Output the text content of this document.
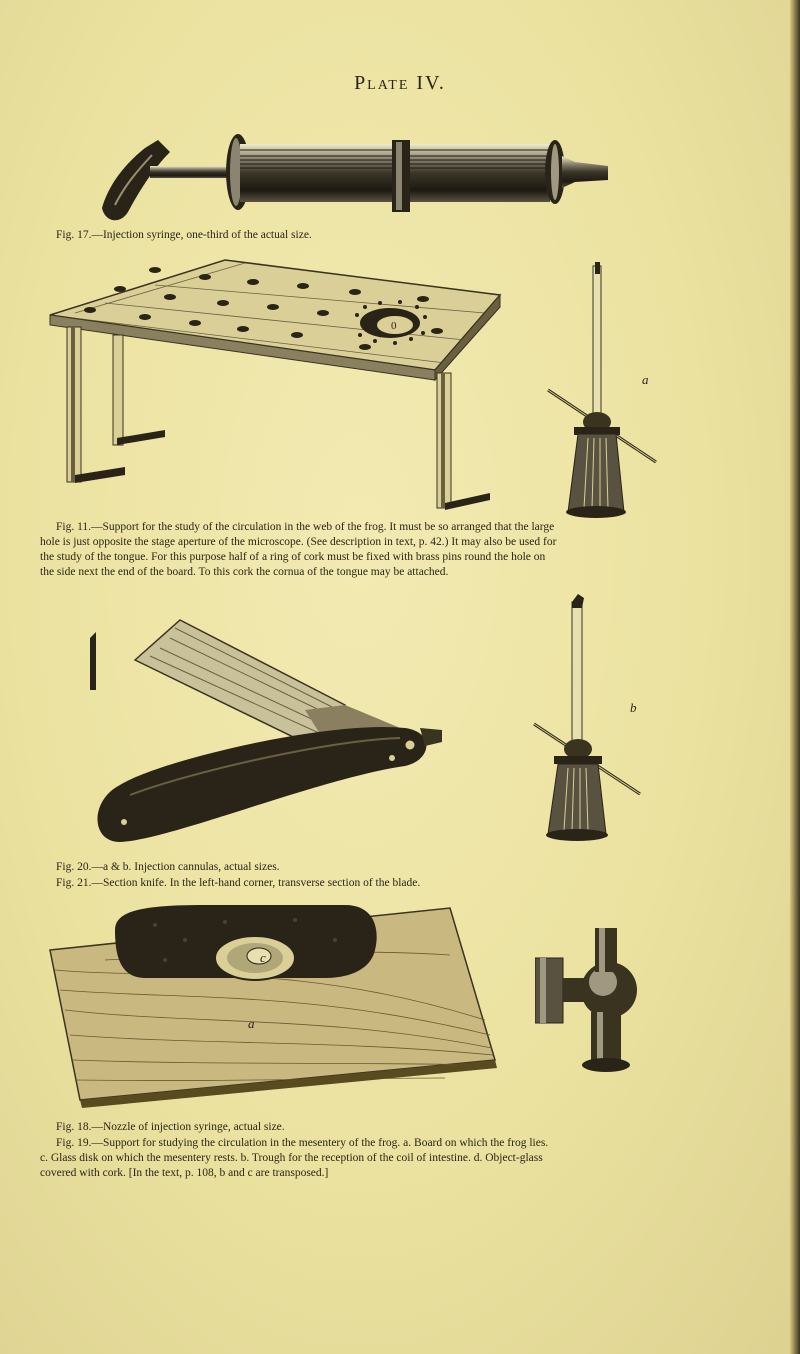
Plate IV.
Fig. 17.—Injection syringe, one-third of the actual size.
0
a
Fig. 11.—Support for the study of the circulation in the web of the frog. It must be so arranged that the large
hole is just opposite the stage aperture of the microscope. (See description in text, p. 42.) It may also be used for
the study of the tongue. For this purpose half of a ring of cork must be fixed with brass pins round the hole on
the side next the end of the board. To this cork the cornua of the tongue may be attached.
b
Fig. 20.—a & b. Injection cannulas, actual sizes.
Fig. 21.—Section knife. In the left-hand corner, transverse section of the blade.
d
c b
a
Fig. 18.—Nozzle of injection syringe, actual size.
Fig. 19.—Support for studying the circulation in the mesentery of the frog. a. Board on which the frog lies.
c. Glass disk on which the mesentery rests. b. Trough for the reception of the coil of intestine. d. Object-glass
covered with cork. [In the text, p. 108, b and c are transposed.]
